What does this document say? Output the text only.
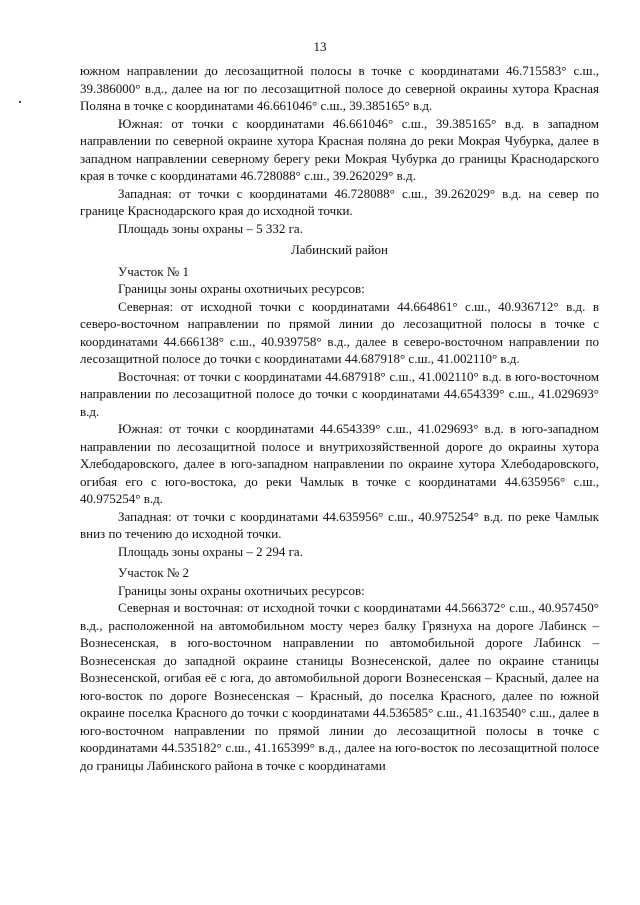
13

южном направлении до лесозащитной полосы в точке с координатами 46.715583° с.ш., 39.386000° в.д., далее на юг по лесозащитной полосе до северной окраины хутора Красная Поляна в точке с координатами 46.661046° с.ш., 39.385165° в.д.

Южная: от точки с координатами 46.661046° с.ш., 39.385165° в.д. в западном направлении по северной окраине хутора Красная поляна до реки Мокрая Чубурка, далее в западном направлении северному берегу реки Мокрая Чубурка до границы Краснодарского края в точке с координатами 46.728088° с.ш., 39.262029° в.д.

Западная: от точки с координатами 46.728088° с.ш., 39.262029° в.д. на север по границе Краснодарского края до исходной точки.

Площадь зоны охраны – 5 332 га.

Лабинский район

Участок № 1

Границы зоны охраны охотничьих ресурсов:

Северная: от исходной точки с координатами 44.664861° с.ш., 40.936712° в.д. в северо-восточном направлении по прямой линии до лесозащитной полосы в точке с координатами 44.666138° с.ш., 40.939758° в.д., далее в северо-восточном направлении по лесозащитной полосе до точки с координатами 44.687918° с.ш., 41.002110° в.д.

Восточная: от точки с координатами 44.687918° с.ш., 41.002110° в.д. в юго-восточном направлении по лесозащитной полосе до точки с координатами 44.654339° с.ш., 41.029693° в.д.

Южная: от точки с координатами 44.654339° с.ш., 41.029693° в.д. в юго-западном направлении по лесозащитной полосе и внутрихозяйственной дороге до окраины хутора Хлебодаровского, далее в юго-западном направлении по окраине хутора Хлебодаровского, огибая его с юго-востока, до реки Чамлык в точке с координатами 44.635956° с.ш., 40.975254° в.д.

Западная: от точки с координатами 44.635956° с.ш., 40.975254° в.д. по реке Чамлык вниз по течению до исходной точки.

Площадь зоны охраны – 2 294 га.

Участок № 2

Границы зоны охраны охотничьих ресурсов:

Северная и восточная: от исходной точки с координатами 44.566372° с.ш., 40.957450° в.д., расположенной на автомобильном мосту через балку Грязнуха на дороге Лабинск – Вознесенская, в юго-восточном направлении по автомобильной дороге Лабинск – Вознесенская до западной окраине станицы Вознесенской, далее по окраине станицы Вознесенской, огибая её с юга, до автомобильной дороги Вознесенская – Красный, далее на юго-восток по дороге Вознесенская – Красный, до поселка Красного, далее по южной окраине поселка Красного до точки с координатами 44.536585° с.ш., 41.163540° с.ш., далее в юго-восточном направлении по прямой линии до лесозащитной полосы в точке с координатами 44.535182° с.ш., 41.165399° в.д., далее на юго-восток по лесозащитной полосе до границы Лабинского района в точке с координатами
